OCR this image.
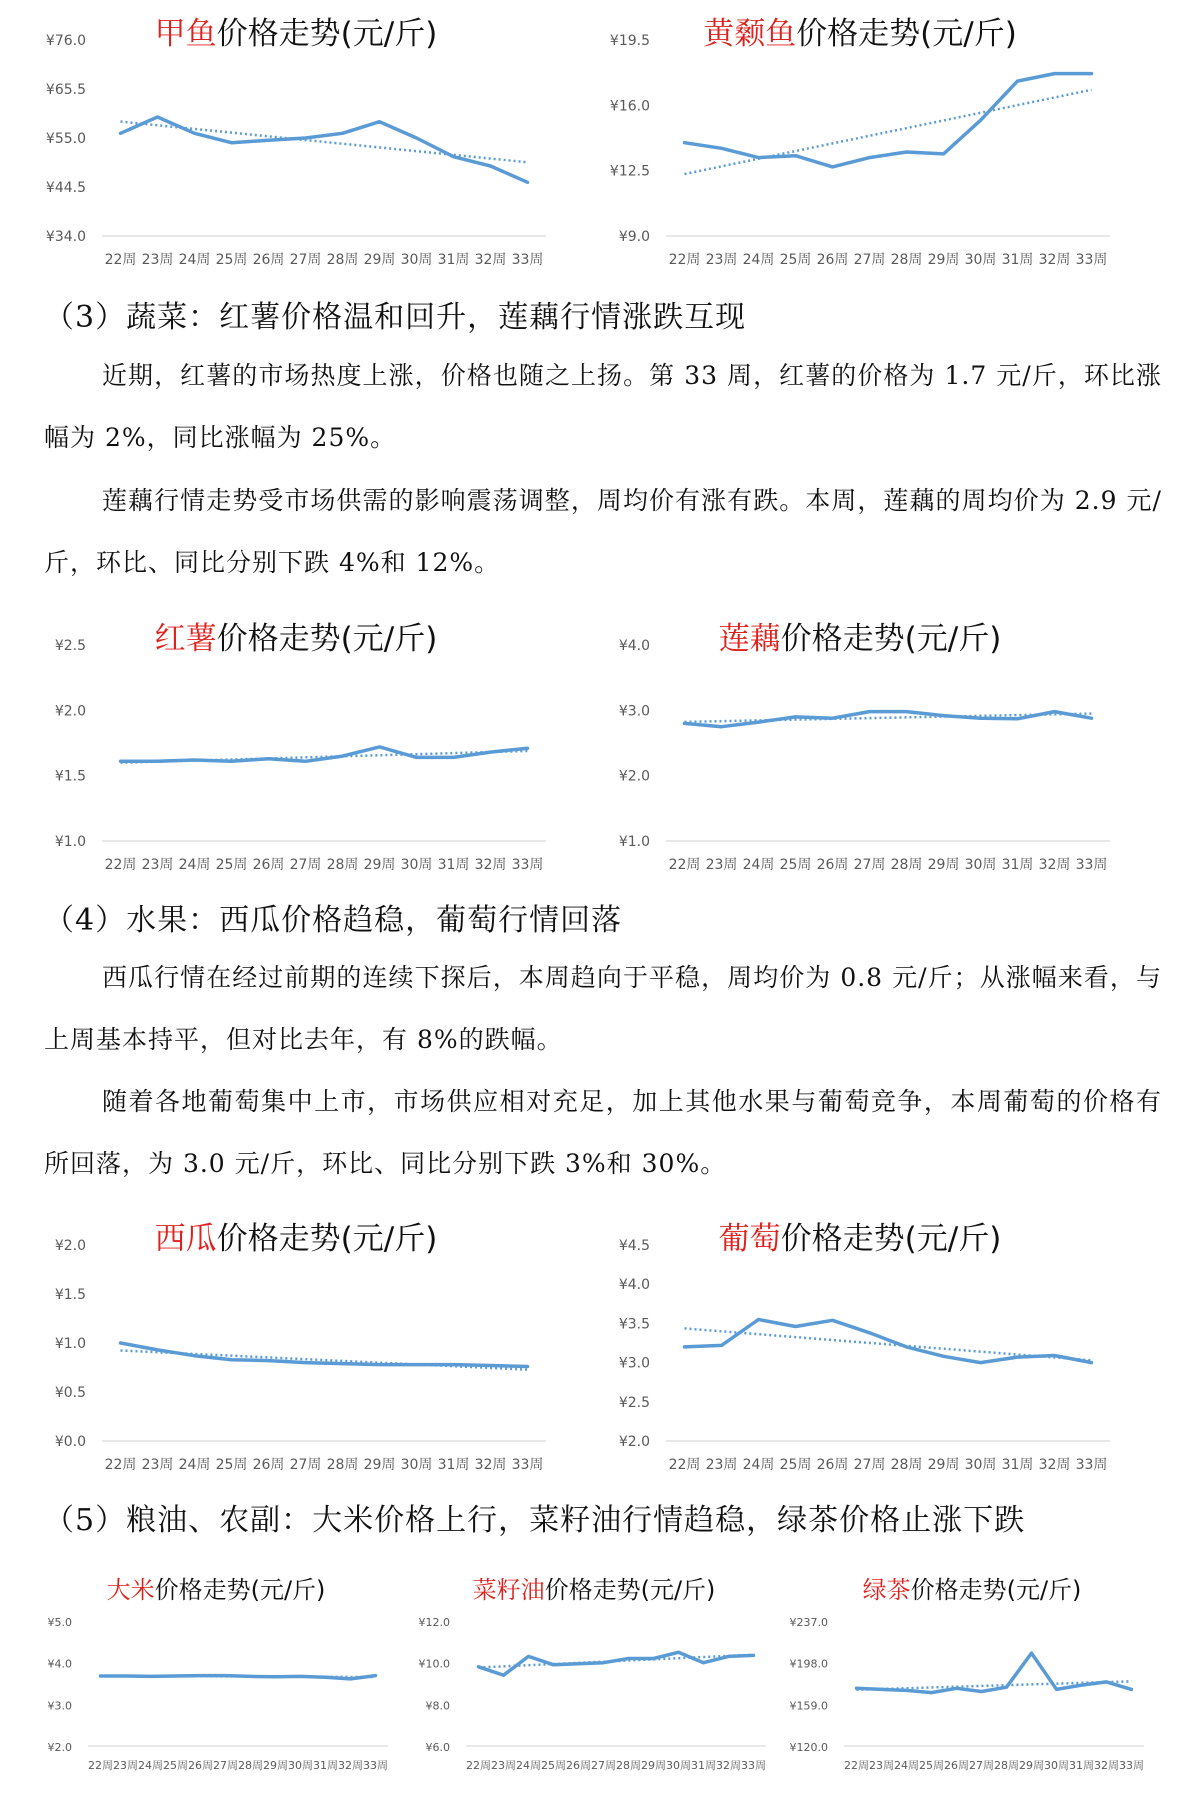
甲鱼价格走势(元/斤)
¥34.0
¥44.5
¥55.0
¥65.5
¥76.0
22周 23周 24周 25周 26周 27周 28周 29周 30周 31周 32周 33周
黄颡鱼价格走势(元/斤)
¥9.0
¥12.5
¥16.0
¥19.5
22周 23周 24周 25周 26周 27周 28周 29周 30周 31周 32周 33周
（3）蔬菜：红薯价格温和回升，莲藕行情涨跌互现
近期，红薯的市场热度上涨，价格也随之上扬。第 33 周，红薯的价格为 1.7 元/斤，环比涨幅为 2%，同比涨幅为 25%。
莲藕行情走势受市场供需的影响震荡调整，周均价有涨有跌。本周，莲藕的周均价为 2.9 元/斤，环比、同比分别下跌 4%和 12%。
红薯价格走势(元/斤)
¥1.0
¥1.5
¥2.0
¥2.5
22周 23周 24周 25周 26周 27周 28周 29周 30周 31周 32周 33周
莲藕价格走势(元/斤)
¥1.0
¥2.0
¥3.0
¥4.0
22周 23周 24周 25周 26周 27周 28周 29周 30周 31周 32周 33周
（4）水果：西瓜价格趋稳，葡萄行情回落
西瓜行情在经过前期的连续下探后，本周趋向于平稳，周均价为 0.8 元/斤；从涨幅来看，与上周基本持平，但对比去年，有 8%的跌幅。
随着各地葡萄集中上市，市场供应相对充足，加上其他水果与葡萄竞争，本周葡萄的价格有所回落，为 3.0 元/斤，环比、同比分别下跌 3%和 30%。
西瓜价格走势(元/斤)
¥0.0
¥0.5
¥1.0
¥1.5
¥2.0
22周 23周 24周 25周 26周 27周 28周 29周 30周 31周 32周 33周
葡萄价格走势(元/斤)
¥2.0
¥2.5
¥3.0
¥3.5
¥4.0
¥4.5
22周 23周 24周 25周 26周 27周 28周 29周 30周 31周 32周 33周
（5）粮油、农副：大米价格上行，菜籽油行情趋稳，绿茶价格止涨下跌
大米价格走势(元/斤)
¥2.0
¥3.0
¥4.0
¥5.0
22周 23周 24周 25周 26周 27周 28周 29周 30周 31周 32周 33周
菜籽油价格走势(元/斤)
¥6.0
¥8.0
¥10.0
¥12.0
22周 23周 24周 25周 26周 27周 28周 29周 30周 31周 32周 33周
绿茶价格走势(元/斤)
¥120.0
¥159.0
¥198.0
¥237.0
22周 23周 24周 25周 26周 27周 28周 29周 30周 31周 32周 33周
